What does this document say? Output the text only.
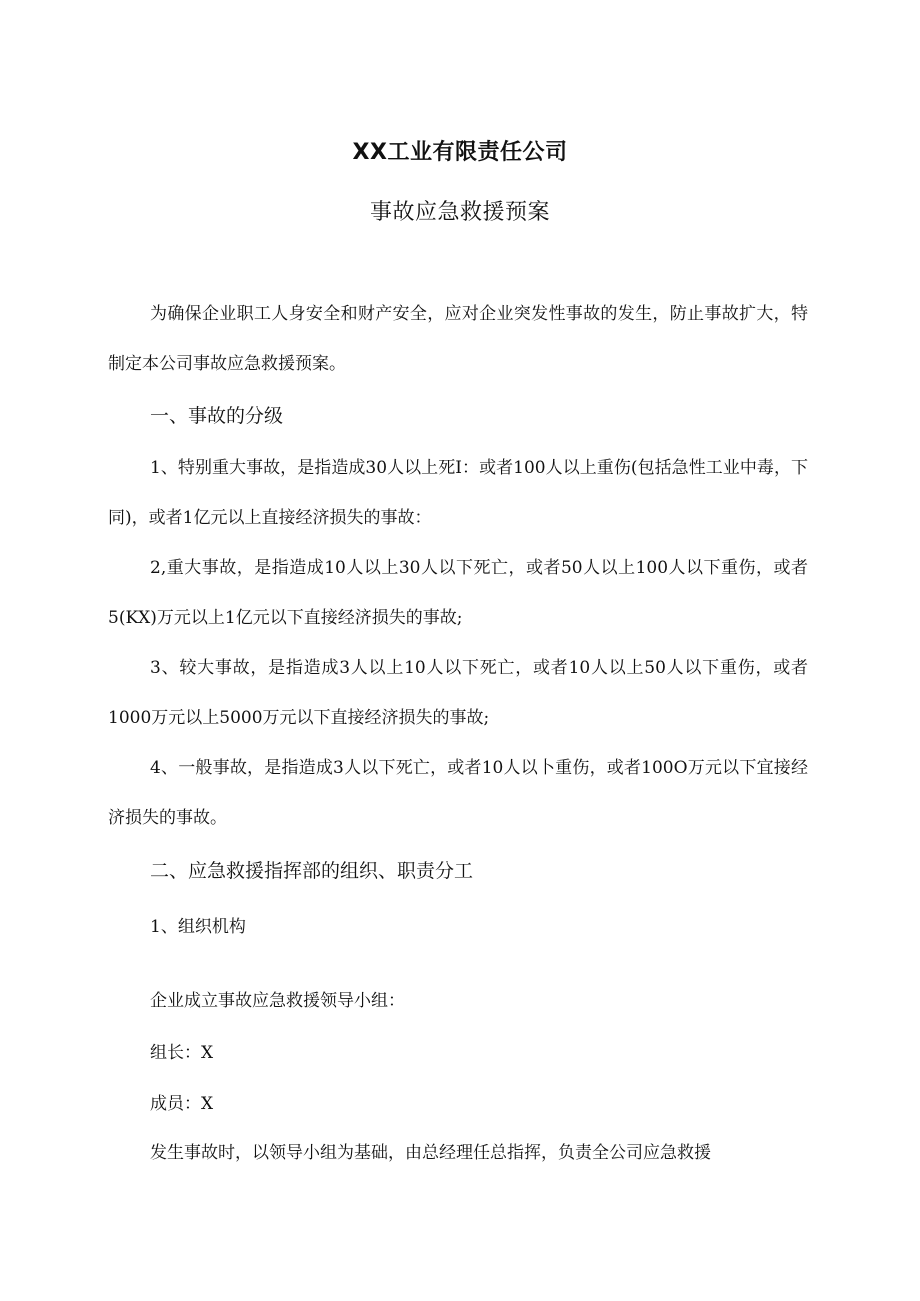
XX工业有限责任公司
事故应急救援预案
为确保企业职工人身安全和财产安全，应对企业突发性事故的发生，防止事故扩大，特制定本公司事故应急救援预案。
一、事故的分级
1、特别重大事故，是指造成30人以上死I：或者100人以上重伤(包括急性工业中毒，下同)，或者1亿元以上直接经济损失的事故：
2,重大事故，是指造成10人以上30人以下死亡，或者50人以上100人以下重伤，或者5(KX)万元以上1亿元以下直接经济损失的事故;
3、较大事故，是指造成3人以上10人以下死亡，或者10人以上50人以下重伤，或者1000万元以上5000万元以下直接经济损失的事故;
4、一般事故，是指造成3人以下死亡，或者10人以卜重伤，或者100O万元以下宜接经济损失的事故。
二、应急救援指挥部的组织、职责分工
1、组织机构
企业成立事故应急救援领导小组：
组长：X
成员：X
发生事故时，以领导小组为基础，由总经理任总指挥，负责全公司应急救援
